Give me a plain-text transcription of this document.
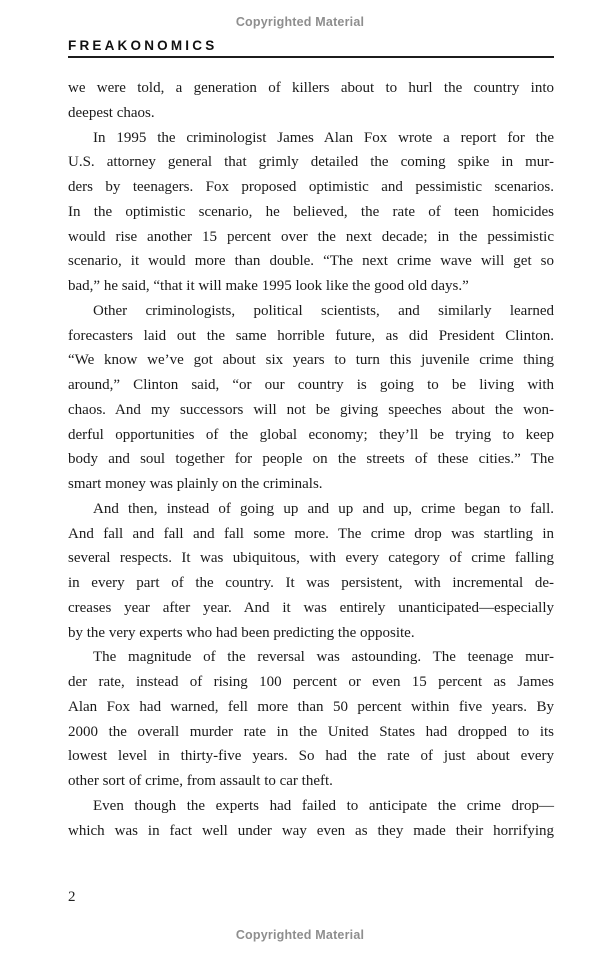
Copyrighted Material
FREAKONOMICS
we were told, a generation of killers about to hurl the country into
deepest chaos.
In 1995 the criminologist James Alan Fox wrote a report for the
U.S. attorney general that grimly detailed the coming spike in mur-
ders by teenagers. Fox proposed optimistic and pessimistic scenarios.
In the optimistic scenario, he believed, the rate of teen homicides
would rise another 15 percent over the next decade; in the pessimistic
scenario, it would more than double. “The next crime wave will get so
bad,” he said, “that it will make 1995 look like the good old days.”
Other criminologists, political scientists, and similarly learned
forecasters laid out the same horrible future, as did President Clinton.
“We know we’ve got about six years to turn this juvenile crime thing
around,” Clinton said, “or our country is going to be living with
chaos. And my successors will not be giving speeches about the won-
derful opportunities of the global economy; they’ll be trying to keep
body and soul together for people on the streets of these cities.” The
smart money was plainly on the criminals.
And then, instead of going up and up and up, crime began to fall.
And fall and fall and fall some more. The crime drop was startling in
several respects. It was ubiquitous, with every category of crime falling
in every part of the country. It was persistent, with incremental de-
creases year after year. And it was entirely unanticipated—especially
by the very experts who had been predicting the opposite.
The magnitude of the reversal was astounding. The teenage mur-
der rate, instead of rising 100 percent or even 15 percent as James
Alan Fox had warned, fell more than 50 percent within five years. By
2000 the overall murder rate in the United States had dropped to its
lowest level in thirty-five years. So had the rate of just about every
other sort of crime, from assault to car theft.
Even though the experts had failed to anticipate the crime drop—
which was in fact well under way even as they made their horrifying
2
Copyrighted Material
